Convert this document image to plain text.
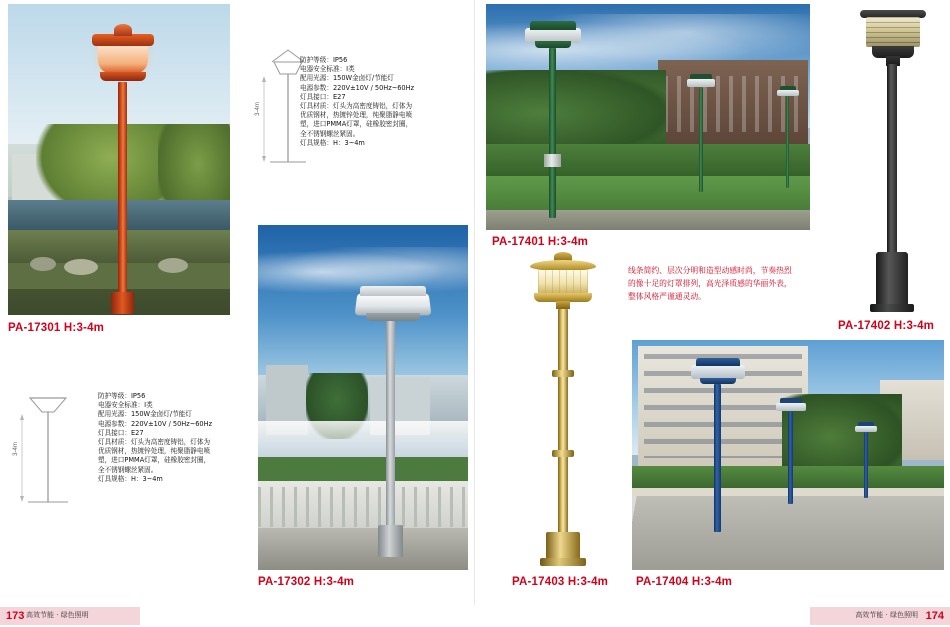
PA-17301 H:3-4m
3-4m
防护等级：IP56
电器安全标准：I类
配用光源：150W金卤灯/节能灯
电源参数：220V±10V / 50Hz~60Hz
灯具接口：E27
灯具材质：灯头为高密度铸铝，灯体为优质钢材，热镀锌处理，纯聚脂静电喷塑，进口PMMA灯罩，硅橡胶密封圈，全不锈钢螺丝紧固。
灯具规格：H：3~4m
3-4m
防护等级：IP56
电器安全标准：I类
配用光源：150W金卤灯/节能灯
电源参数：220V±10V / 50Hz~60Hz
灯具接口：E27
灯具材质：灯头为高密度铸铝，灯体为优质钢材，热镀锌处理，纯聚脂静电喷塑，进口PMMA灯罩，硅橡胶密封圈，全不锈钢螺丝紧固。
灯具规格：H：3~4m
PA-17302 H:3-4m
PA-17401 H:3-4m
PA-17402 H:3-4m
线条简约、层次分明和造型动感时尚，节奏热烈
的像十足的灯罩排列，高光泽质感的华丽外表，
整体风格严谨通灵动。
PA-17403 H:3-4m PA-17404 H:3-4m
173 高效节能 · 绿色照明	高效节能 · 绿色照明 174
